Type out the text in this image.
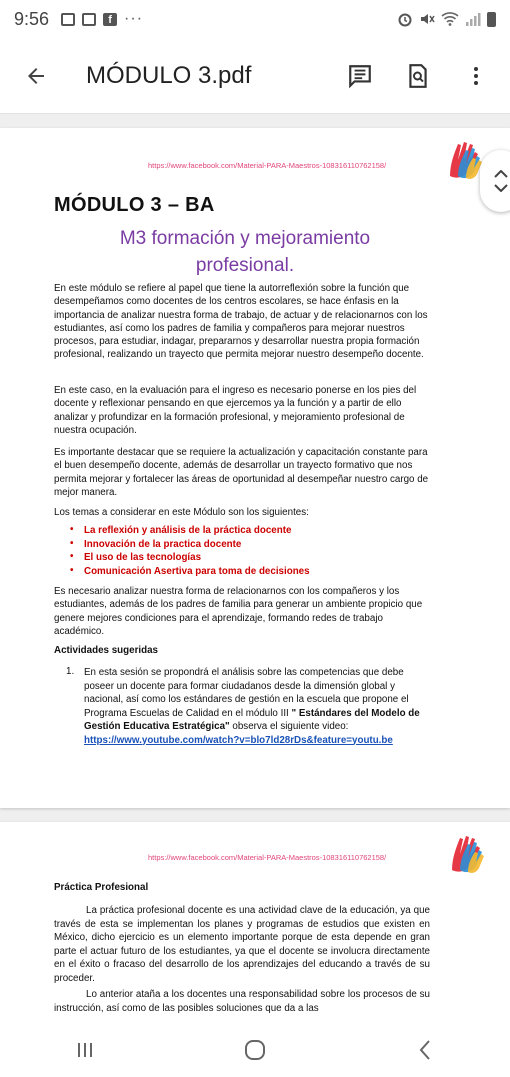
9:56	f ···
MÓDULO 3.pdf
https://www.facebook.com/Material-PARA-Maestros-108316110762158/
MÓDULO 3 – BA
M3 formación y mejoramiento profesional.

En este módulo se refiere al papel que tiene la autorreflexión sobre la función que desempeñamos como docentes de los centros escolares, se hace énfasis en la importancia de analizar nuestra forma de trabajo, de actuar y de relacionarnos con los estudiantes, así como los padres de familia y compañeros para mejorar nuestros procesos, para estudiar, indagar, prepararnos y desarrollar nuestra propia formación profesional, realizando un trayecto que permita mejorar nuestro desempeño docente.

En este caso, en la evaluación para el ingreso es necesario ponerse en los pies del docente y reflexionar pensando en que ejercemos ya la función y a partir de ello analizar y profundizar en la formación profesional, y mejoramiento profesional de nuestra ocupación.

Es importante destacar que se requiere la actualización y capacitación constante para el buen desempeño docente, además de desarrollar un trayecto formativo que nos permita mejorar y fortalecer las áreas de oportunidad al desempeñar nuestro cargo de mejor manera.

Los temas a considerar en este Módulo son los siguientes:

• La reflexión y análisis de la práctica docente
• Innovación de la practica docente
• El uso de las tecnologías
• Comunicación Asertiva para toma de decisiones

Es necesario analizar nuestra forma de relacionarnos con los compañeros y los estudiantes, además de los padres de familia para generar un ambiente propicio que genere mejores condiciones para el aprendizaje, formando redes de trabajo académico.

Actividades sugeridas
1. En esta sesión se propondrá el análisis sobre las competencias que debe poseer un docente para formar ciudadanos desde la dimensión global y nacional, así como los estándares de gestión en la escuela que propone el Programa Escuelas de Calidad en el módulo III " Estándares del Modelo de Gestión Educativa Estratégica" observa el siguiente video:
https://www.youtube.com/watch?v=blo7ld28rDs&feature=youtu.be

https://www.facebook.com/Material-PARA-Maestros-108316110762158/
Práctica Profesional

La práctica profesional docente es una actividad clave de la educación, ya que través de esta se implementan los planes y programas de estudios que existen en México, dicho ejercicio es un elemento importante porque de esta depende en gran parte el actuar futuro de los estudiantes, ya que el docente se involucra directamente en el éxito o fracaso del desarrollo de los aprendizajes del educando a través de su proceder.

Lo anterior ataña a los docentes una responsabilidad sobre los procesos de su instrucción, así como de las posibles soluciones que da a las
